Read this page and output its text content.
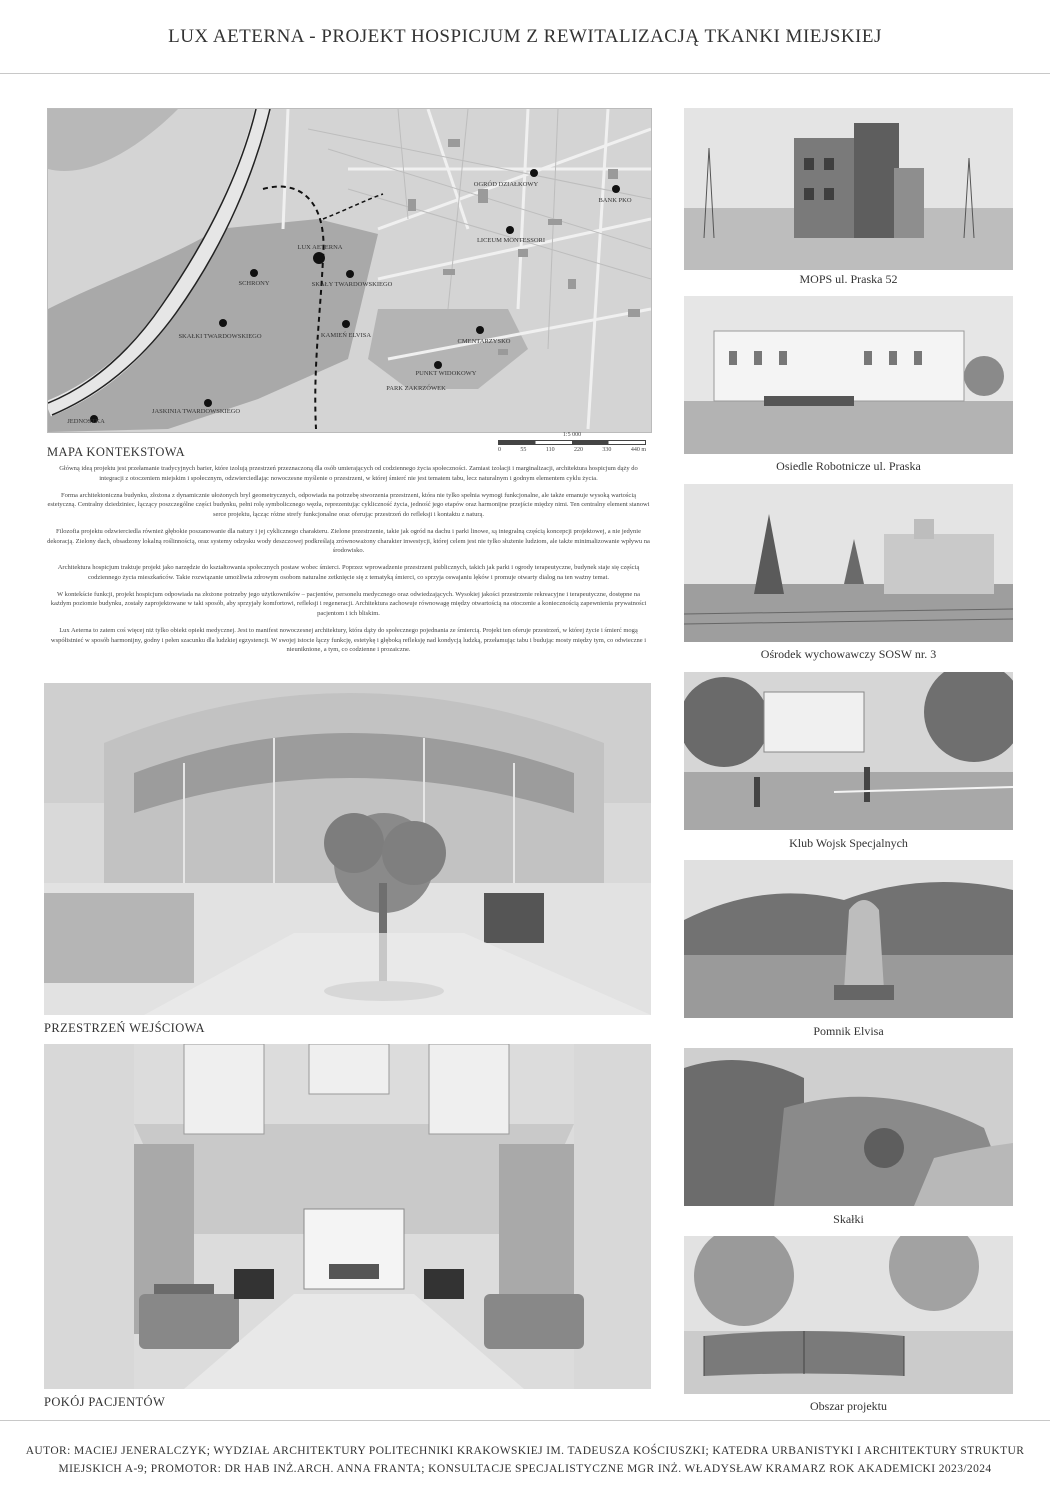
LUX AETERNA - PROJEKT HOSPICJUM Z REWITALIZACJĄ TKANKI MIEJSKIEJ
OGRÓD DZIAŁKOWY
BANK PKO
LUX AETERNA
LICEUM MONTESSORI
SCHRONY	SKAŁY TWARDOWSKIEGO
SKAŁKI TWARDOWSKIEGO	KAMIEŃ ELVISA
CMENTARZYSKO
PUNKT WIDOKOWY
PARK ZAKRZÓWEK
JASKINIA TWARDOWSKIEGO
JEDNOSTKA
MAPA KONTEKSTOWA
1:5 000
0	55	110	220	330	440 m

Główną ideą projektu jest przełamanie tradycyjnych barier, które izolują przestrzeń przeznaczoną dla osób umierających od codziennego życia społeczności. Zamiast izolacji i marginalizacji, architektura hospicjum dąży do integracji z otoczeniem miejskim i społecznym, odzwierciedlając nowoczesne myślenie o przestrzeni, w której śmierć nie jest tematem tabu, lecz naturalnym i godnym elementem cyklu życia.

Forma architektoniczna budynku, złożona z dynamicznie ułożonych bryl geometrycznych, odpowiada na potrzebę stworzenia przestrzeni, która nie tylko spełnia wymogi funkcjonalne, ale także emanuje wysoką wartością estetyczną. Centralny dziedziniec, łączący poszczególne części budynku, pełni rolę symbolicznego węzła, reprezentując cykliczność życia, jedność jego etapów oraz harmonijne przejście między nimi. Ten centralny element stanowi serce projektu, łącząc różne strefy funkcjonalne oraz oferując przestrzeń do refleksji i kontaktu z naturą.

Filozofia projektu odzwierciedla również głębokie poszanowanie dla natury i jej cyklicznego charakteru. Zielone przestrzenie, takie jak ogród na dachu i parki linowe, są integralną częścią koncepcji projektowej, a nie jedynie dekoracją. Zielony dach, obsadzony lokalną roślinnością, oraz systemy odzysku wody deszczowej podkreślają zrównoważony charakter inwestycji, której celem jest nie tylko służenie ludziom, ale także minimalizowanie wpływu na środowisko.

Architektura hospicjum traktuje projekt jako narzędzie do kształtowania społecznych postaw wobec śmierci. Poprzez wprowadzenie przestrzeni publicznych, takich jak parki i ogrody terapeutyczne, budynek staje się częścią codziennego życia mieszkańców. Takie rozwiązanie umożliwia zdrowym osobom naturalne zetknięcie się z tematyką śmierci, co sprzyja oswajaniu lęków i promuje otwarty dialog na ten ważny temat.

W kontekście funkcji, projekt hospicjum odpowiada na złożone potrzeby jego użytkowników – pacjentów, personelu medycznego oraz odwiedzających. Wysokiej jakości przestrzenie rekreacyjne i terapeutyczne, dostępne na każdym poziomie budynku, zostały zaprojektowane w taki sposób, aby sprzyjały komfortowi, refleksji i regeneracji. Architektura zachowuje równowagę między otwartością na otoczenie a koniecznością zapewnienia prywatności pacjentom i ich bliskim.

Lux Aeterna to zatem coś więcej niż tylko obiekt opieki medycznej. Jest to manifest nowoczesnej architektury, która dąży do społecznego pojednania ze śmiercią. Projekt ten oferuje przestrzeń, w której życie i śmierć mogą współistnieć w sposób harmonijny, godny i pełen szacunku dla ludzkiej egzystencji. W swojej istocie łączy funkcję, estetykę i głęboką refleksję nad kondycją ludzką, przełamując tabu i budując mosty między tym, co odwieczne i nieuniknione, a tym, co codzienne i prozaiczne.

PRZESTRZEŃ WEJŚCIOWA
POKÓJ PACJENTÓW
MOPS ul. Praska 52
Osiedle Robotnicze ul. Praska
Ośrodek wychowawczy SOSW nr. 3
Klub Wojsk Specjalnych
Pomnik Elvisa
Skałki
Obszar projektu
AUTOR: MACIEJ JENERALCZYK; WYDZIAŁ ARCHITEKTURY POLITECHNIKI KRAKOWSKIEJ IM. TADEUSZA KOŚCIUSZKI; KATEDRA URBANISTYKI I ARCHITEKTURY STRUKTUR
MIEJSKICH A-9; PROMOTOR: DR HAB INŻ.ARCH. ANNA FRANTA; KONSULTACJE SPECJALISTYCZNE MGR INŻ. WŁADYSŁAW KRAMARZ ROK AKADEMICKI 2023/2024
